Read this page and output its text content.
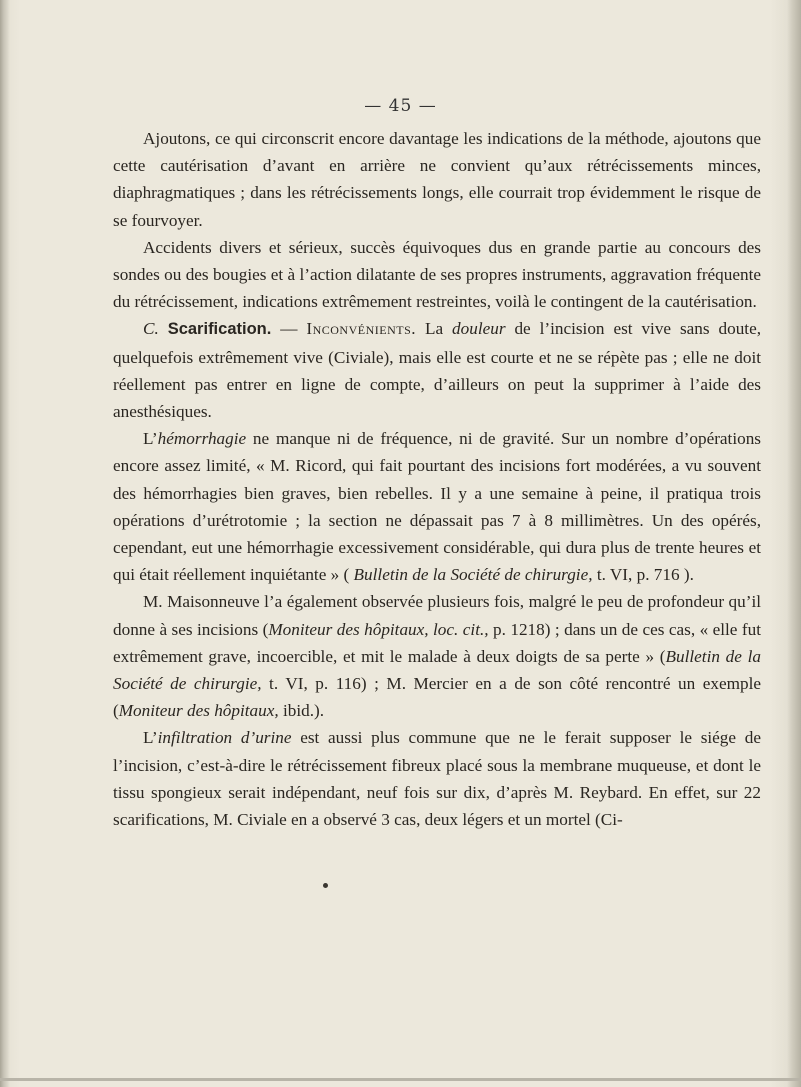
— 45 —

Ajoutons, ce qui circonscrit encore davantage les indications de la méthode, ajoutons que cette cautérisation d’avant en arrière ne convient qu’aux rétrécissements minces, diaphragmatiques ; dans les rétrécissements longs, elle courrait trop évidemment le risque de se fourvoyer.

Accidents divers et sérieux, succès équivoques dus en grande partie au concours des sondes ou des bougies et à l’action dilatante de ses propres instruments, aggravation fréquente du rétrécissement, indications extrêmement restreintes, voilà le contingent de la cautérisation.

C. Scarification. — Inconvénients. La douleur de l’incision est vive sans doute, quelquefois extrêmement vive (Civiale), mais elle est courte et ne se répète pas ; elle ne doit réellement pas entrer en ligne de compte, d’ailleurs on peut la supprimer à l’aide des anesthésiques.

L’hémorrhagie ne manque ni de fréquence, ni de gravité. Sur un nombre d’opérations encore assez limité, « M. Ricord, qui fait pourtant des incisions fort modérées, a vu souvent des hémorrhagies bien graves, bien rebelles. Il y a une semaine à peine, il pratiqua trois opérations d’urétrotomie ; la section ne dépassait pas 7 à 8 millimètres. Un des opérés, cependant, eut une hémorrhagie excessivement considérable, qui dura plus de trente heures et qui était réellement inquiétante » ( Bulletin de la Société de chirurgie, t. VI, p. 716 ).

M. Maisonneuve l’a également observée plusieurs fois, malgré le peu de profondeur qu’il donne à ses incisions (Moniteur des hôpitaux, loc. cit., p. 1218) ; dans un de ces cas, « elle fut extrêmement grave, incoercible, et mit le malade à deux doigts de sa perte » (Bulletin de la Société de chirurgie, t. VI, p. 116) ; M. Mercier en a de son côté rencontré un exemple (Moniteur des hôpitaux, ibid.).

L’infiltration d’urine est aussi plus commune que ne le ferait supposer le siége de l’incision, c’est-à-dire le rétrécissement fibreux placé sous la membrane muqueuse, et dont le tissu spongieux serait indépendant, neuf fois sur dix, d’après M. Reybard. En effet, sur 22 scarifications, M. Civiale en a observé 3 cas, deux légers et un mortel (Ci-
